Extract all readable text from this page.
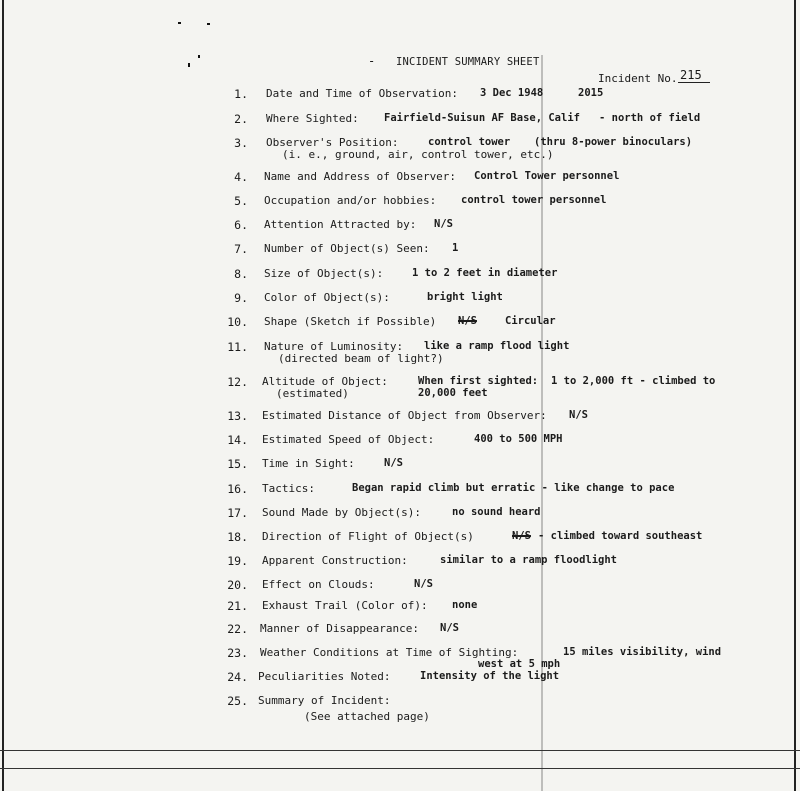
- INCIDENT SUMMARY SHEET
Incident No. 215
1. Date and Time of Observation: 3 Dec 1948	2015
2. Where Sighted: Fairfield-Suisun AF Base, Calif - north of field
3. Observer's Position:	control tower (thru 8-power binoculars)
(i. e., ground, air, control tower, etc.)
4. Name and Address of Observer: Control Tower personnel
5. Occupation and/or hobbies: control tower personnel
6. Attention Attracted by: N/S
7. Number of Object(s) Seen: 1
8. Size of Object(s):	1 to 2 feet in diameter
9. Color of Object(s):	bright light
10. Shape (Sketch if Possible) N/S	Circular
11. Nature of Luminosity: like a ramp flood light
(directed beam of light?)
12. Altitude of Object:	When first sighted: 1 to 2,000 ft - climbed to
(estimated)	20,000 feet
13. Estimated Distance of Object from Observer: N/S
14. Estimated Speed of Object:	400 to 500 MPH
15. Time in Sight:	N/S
16. Tactics:	Began rapid climb but erratic - like change to pace
17. Sound Made by Object(s):	no sound heard
18. Direction of Flight of Object(s)	N/S - climbed toward southeast
19. Apparent Construction:	similar to a ramp floodlight
20. Effect on Clouds:	N/S
21. Exhaust Trail (Color of): none
22. Manner of Disappearance: N/S
23. Weather Conditions at Time of Sighting:	15 miles visibility, wind
west at 5 mph
24. Peculiarities Noted:	Intensity of the light
25. Summary of Incident:
(See attached page)
